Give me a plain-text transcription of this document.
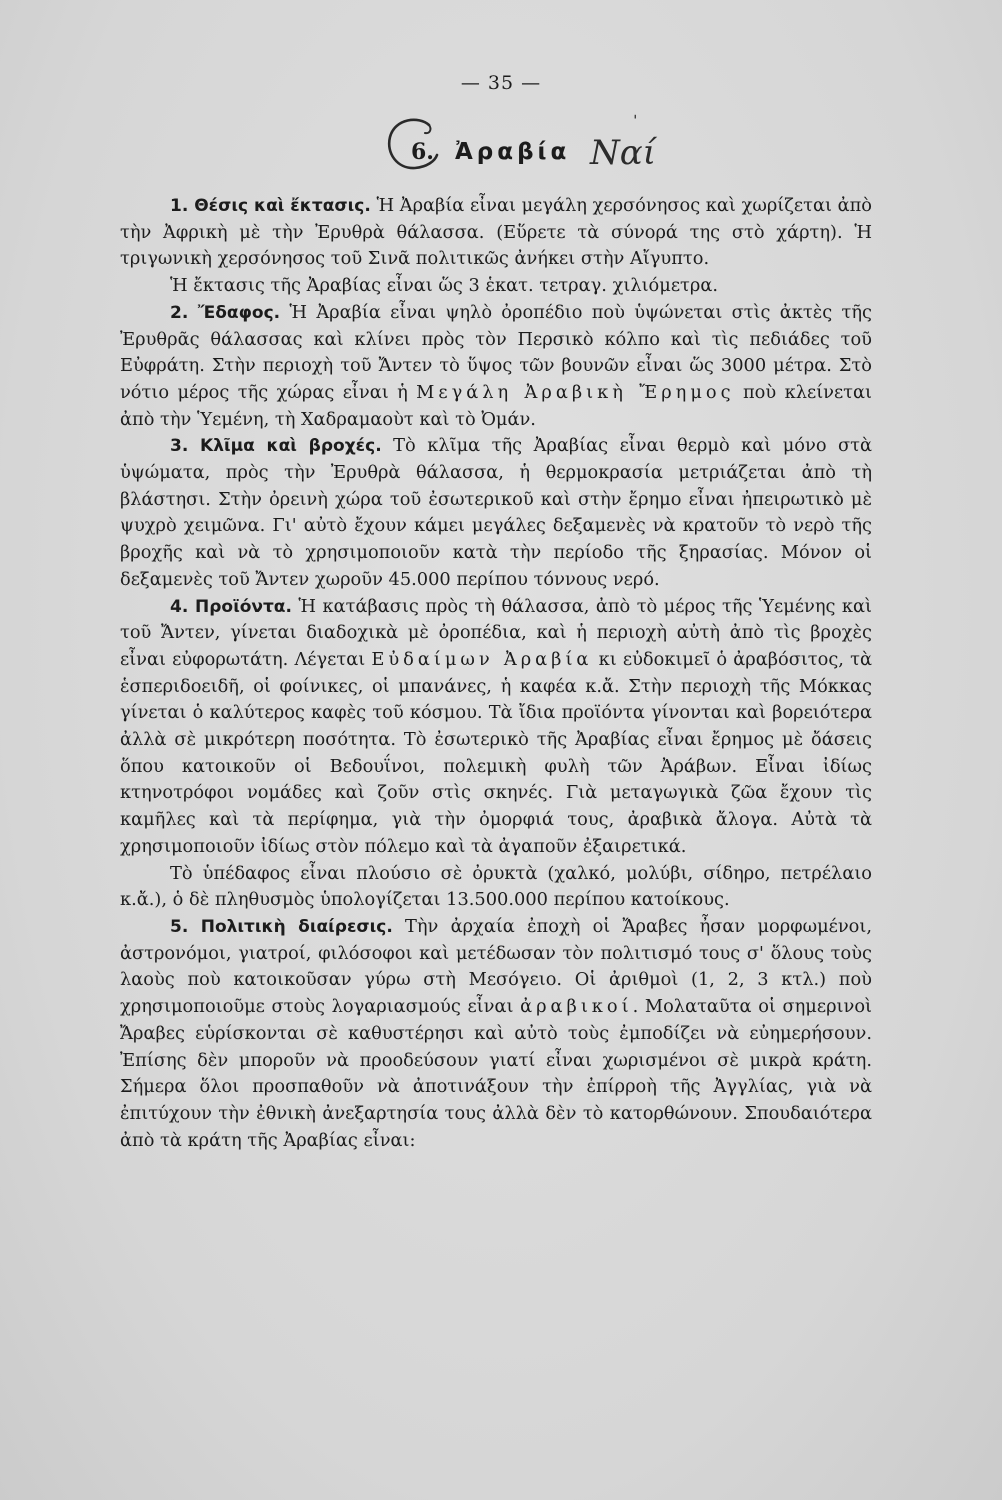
— 35 —
6. Ἀραβία Ναί
ˈ

1. Θέσις καὶ ἔκτασις. Ἡ Ἀραβία εἶναι μεγάλη χερσόνησος καὶ χωρίζεται ἀπὸ τὴν Ἀφρικὴ μὲ τὴν Ἐρυθρὰ θάλασσα. (Εὕρετε τὰ σύνορά της στὸ χάρτη). Ἡ τριγωνικὴ χερσόνησος τοῦ Σινᾶ πολιτικῶς ἀνήκει στὴν Αἴγυπτο.

Ἡ ἔκτασις τῆς Ἀραβίας εἶναι ὥς 3 ἑκατ. τετραγ. χιλιόμετρα.

2. Ἔδαφος. Ἡ Ἀραβία εἶναι ψηλὸ ὀροπέδιο ποὺ ὑψώνεται στὶς ἀκτὲς τῆς Ἐρυθρᾶς θάλασσας καὶ κλίνει πρὸς τὸν Περσικὸ κόλπο καὶ τὶς πεδιάδες τοῦ Εὐφράτη. Στὴν περιοχὴ τοῦ Ἄντεν τὸ ὕψος τῶν βουνῶν εἶναι ὥς 3000 μέτρα. Στὸ νότιο μέρος τῆς χώρας εἶναι ἡ Μεγάλη Ἀραβικὴ Ἔρημος ποὺ κλείνεται ἀπὸ τὴν Ὑεμένη, τὴ Χαδραμαοὺτ καὶ τὸ Ὀμάν.

3. Κλῖμα καὶ βροχές. Τὸ κλῖμα τῆς Ἀραβίας εἶναι θερμὸ καὶ μόνο στὰ ὑψώματα, πρὸς τὴν Ἐρυθρὰ θάλασσα, ἡ θερμοκρασία μετριάζεται ἀπὸ τὴ βλάστησι. Στὴν ὀρεινὴ χώρα τοῦ ἐσωτερικοῦ καὶ στὴν ἔρημο εἶναι ἠπειρωτικὸ μὲ ψυχρὸ χειμῶνα. Γι' αὐτὸ ἔχουν κάμει μεγάλες δεξαμενὲς νὰ κρατοῦν τὸ νερὸ τῆς βροχῆς καὶ νὰ τὸ χρησιμοποιοῦν κατὰ τὴν περίοδο τῆς ξηρασίας. Μόνον οἱ δεξαμενὲς τοῦ Ἄντεν χωροῦν 45.000 περίπου τόννους νερό.

4. Προϊόντα. Ἡ κατάβασις πρὸς τὴ θάλασσα, ἀπὸ τὸ μέρος τῆς Ὑεμένης καὶ τοῦ Ἄντεν, γίνεται διαδοχικὰ μὲ ὀροπέδια, καὶ ἡ περιοχὴ αὐτὴ ἀπὸ τὶς βροχὲς εἶναι εὐφορωτάτη. Λέγεται Εὐδαίμων Ἀραβία κι εὐδοκιμεῖ ὁ ἀραβόσιτος, τὰ ἑσπεριδοειδῆ, οἱ φοίνικες, οἱ μπανάνες, ἡ καφέα κ.ἄ. Στὴν περιοχὴ τῆς Μόκκας γίνεται ὁ καλύτερος καφὲς τοῦ κόσμου. Τὰ ἴδια προϊόντα γίνονται καὶ βορειότερα ἀλλὰ σὲ μικρότερη ποσότητα. Τὸ ἐσωτερικὸ τῆς Ἀραβίας εἶναι ἔρημος μὲ ὄάσεις ὅπου κατοικοῦν οἱ Βεδουΐνοι, πολεμικὴ φυλὴ τῶν Ἀράβων. Εἶναι ἰδίως κτηνοτρόφοι νομάδες καὶ ζοῦν στὶς σκηνές. Γιὰ μεταγωγικὰ ζῶα ἔχουν τὶς καμῆλες καὶ τὰ περίφημα, γιὰ τὴν ὀμορφιά τους, ἀραβικὰ ἄλογα. Αὐτὰ τὰ χρησιμοποιοῦν ἰδίως στὸν πόλεμο καὶ τὰ ἀγαποῦν ἐξαιρετικά.

Τὸ ὑπέδαφος εἶναι πλούσιο σὲ ὀρυκτὰ (χαλκό, μολύβι, σίδηρο, πετρέλαιο κ.ἄ.), ὁ δὲ πληθυσμὸς ὑπολογίζεται 13.500.000 περίπου κατοίκους.

5. Πολιτικὴ διαίρεσις. Τὴν ἀρχαία ἐποχὴ οἱ Ἄραβες ἦσαν μορφωμένοι, ἀστρονόμοι, γιατροί, φιλόσοφοι καὶ μετέδωσαν τὸν πολιτισμό τους σ' ὅλους τοὺς λαοὺς ποὺ κατοικοῦσαν γύρω στὴ Μεσόγειο. Οἱ ἀριθμοὶ (1, 2, 3 κτλ.) ποὺ χρησιμοποιοῦμε στοὺς λογαριασμούς εἶναι ἀραβικοί. Μολαταῦτα οἱ σημερινοὶ Ἄραβες εὑρίσκονται σὲ καθυστέρησι καὶ αὐτὸ τοὺς ἐμποδίζει νὰ εὐημερήσουν. Ἐπίσης δὲν μποροῦν νὰ προοδεύσουν γιατί εἶναι χωρισμένοι σὲ μικρὰ κράτη. Σήμερα ὅλοι προσπαθοῦν νὰ ἀποτινάξουν τὴν ἐπίρροὴ τῆς Ἀγγλίας, γιὰ νὰ ἐπιτύχουν τὴν ἐθνικὴ ἀνεξαρτησία τους ἀλλὰ δὲν τὸ κατορθώνουν. Σπουδαιότερα ἀπὸ τὰ κράτη τῆς Ἀραβίας εἶναι:
